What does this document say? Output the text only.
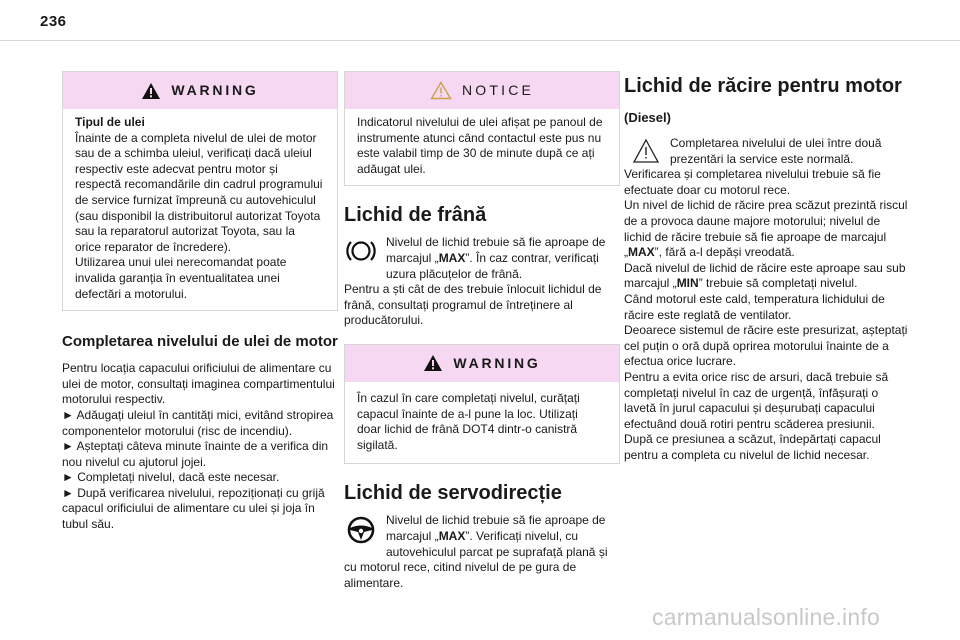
236
WARNING

Tipul de ulei

Înainte de a completa nivelul de ulei de motor sau de a schimba uleiul, verificați dacă uleiul respectiv este adecvat pentru motor și respectă recomandările din cadrul programului de service furnizat împreună cu autovehiculul (sau disponibil la distribuitorul autorizat Toyota sau la reparatorul autorizat Toyota, sau la orice reparator de încredere).

Utilizarea unui ulei nerecomandat poate invalida garanția în eventualitatea unei defectări a motorului.

Completarea nivelului de ulei de motor

Pentru locația capacului orificiului de alimentare cu ulei de motor, consultați imaginea compartimentului motorului respectiv.

► Adăugați uleiul în cantități mici, evitând stropirea componentelor motorului (risc de incendiu).

► Așteptați câteva minute înainte de a verifica din nou nivelul cu ajutorul jojei.

► Completați nivelul, dacă este necesar.

► După verificarea nivelului, repoziționați cu grijă capacul orificiului de alimentare cu ulei și joja în tubul său.

NOTICE

Indicatorul nivelului de ulei afișat pe panoul de instrumente atunci când contactul este pus nu este valabil timp de 30 de minute după ce ați adăugat ulei.

Lichid de frână
Nivelul de lichid trebuie să fie aproape de marcajul „MAX”. În caz contrar, verificați uzura plăcuțelor de frână.
Pentru a ști cât de des trebuie înlocuit lichidul de frână, consultați programul de întreținere al producătorului.
WARNING

În cazul în care completați nivelul, curățați capacul înainte de a-l pune la loc. Utilizați doar lichid de frână DOT4 dintr-o canistră sigilată.

Lichid de servodirecție
Nivelul de lichid trebuie să fie aproape de marcajul „MAX”. Verificați nivelul, cu autovehiculul parcat pe suprafață plană și cu motorul rece, citind nivelul de pe gura de alimentare.
Lichid de răcire pentru motor
(Diesel)
Completarea nivelului de ulei între două prezentări la service este normală.
Verificarea și completarea nivelului trebuie să fie efectuate doar cu motorul rece.
Un nivel de lichid de răcire prea scăzut prezintă riscul de a provoca daune majore motorului; nivelul de lichid de răcire trebuie să fie aproape de marcajul „MAX”, fără a-l depăși vreodată.
Dacă nivelul de lichid de răcire este aproape sau sub marcajul „MIN” trebuie să completați nivelul.
Când motorul este cald, temperatura lichidului de răcire este reglată de ventilator.
Deoarece sistemul de răcire este presurizat, așteptați cel puțin o oră după oprirea motorului înainte de a efectua orice lucrare.
Pentru a evita orice risc de arsuri, dacă trebuie să completați nivelul în caz de urgență, înfășurați o lavetă în jurul capacului și deșurubați capacului efectuând două rotiri pentru scăderea presiunii.
După ce presiunea a scăzut, îndepărtați capacul pentru a completa cu nivelul de lichid necesar.
carmanualsonline.info
